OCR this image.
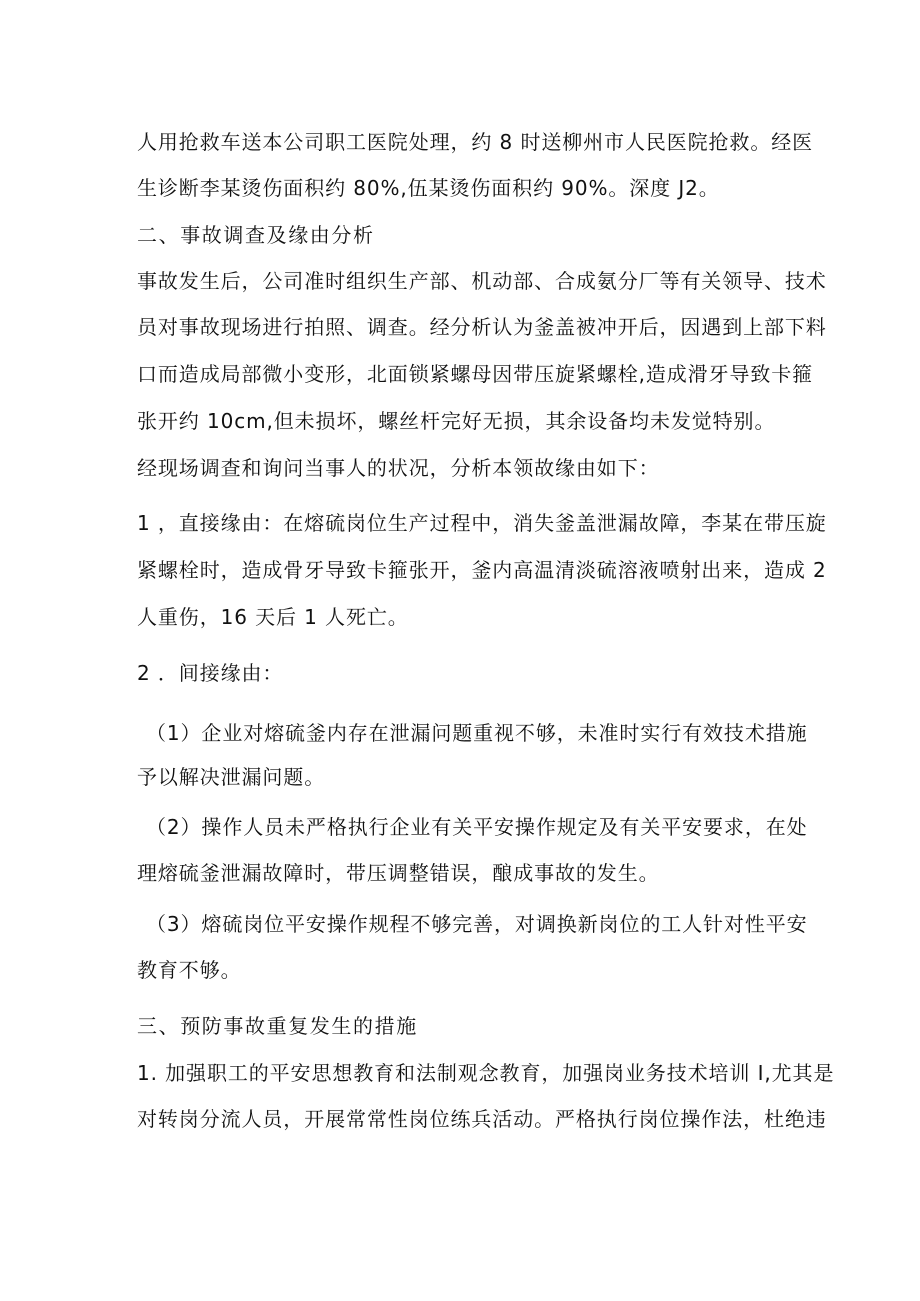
人用抢救车送本公司职工医院处理，约 8 时送柳州市人民医院抢救。经医
生诊断李某烫伤面积约 80%,伍某烫伤面积约 90%。深度 J2。
二、事故调查及缘由分析
事故发生后，公司准时组织生产部、机动部、合成氨分厂等有关领导、技术
员对事故现场进行拍照、调查。经分析认为釜盖被冲开后，因遇到上部下料
口而造成局部微小变形，北面锁紧螺母因带压旋紧螺栓,造成滑牙导致卡箍
张开约 10cm,但未损坏，螺丝杆完好无损，其余设备均未发觉特别。
经现场调查和询问当事人的状况，分析本领故缘由如下：
1 ，直接缘由：在熔硫岗位生产过程中，消失釜盖泄漏故障，李某在带压旋
紧螺栓时，造成骨牙导致卡箍张开，釜内高温清淡硫溶液喷射出来，造成 2
人重伤，16 天后 1 人死亡。
2 ．间接缘由：
（1）企业对熔硫釜内存在泄漏问题重视不够，未准时实行有效技术措施
予以解决泄漏问题。
（2）操作人员未严格执行企业有关平安操作规定及有关平安要求，在处
理熔硫釜泄漏故障时，带压调整错误，酿成事故的发生。
（3）熔硫岗位平安操作规程不够完善，对调换新岗位的工人针对性平安
教育不够。
三、预防事故重复发生的措施
1. 加强职工的平安思想教育和法制观念教育，加强岗业务技术培训 I,尤其是
对转岗分流人员，开展常常性岗位练兵活动。严格执行岗位操作法，杜绝违
